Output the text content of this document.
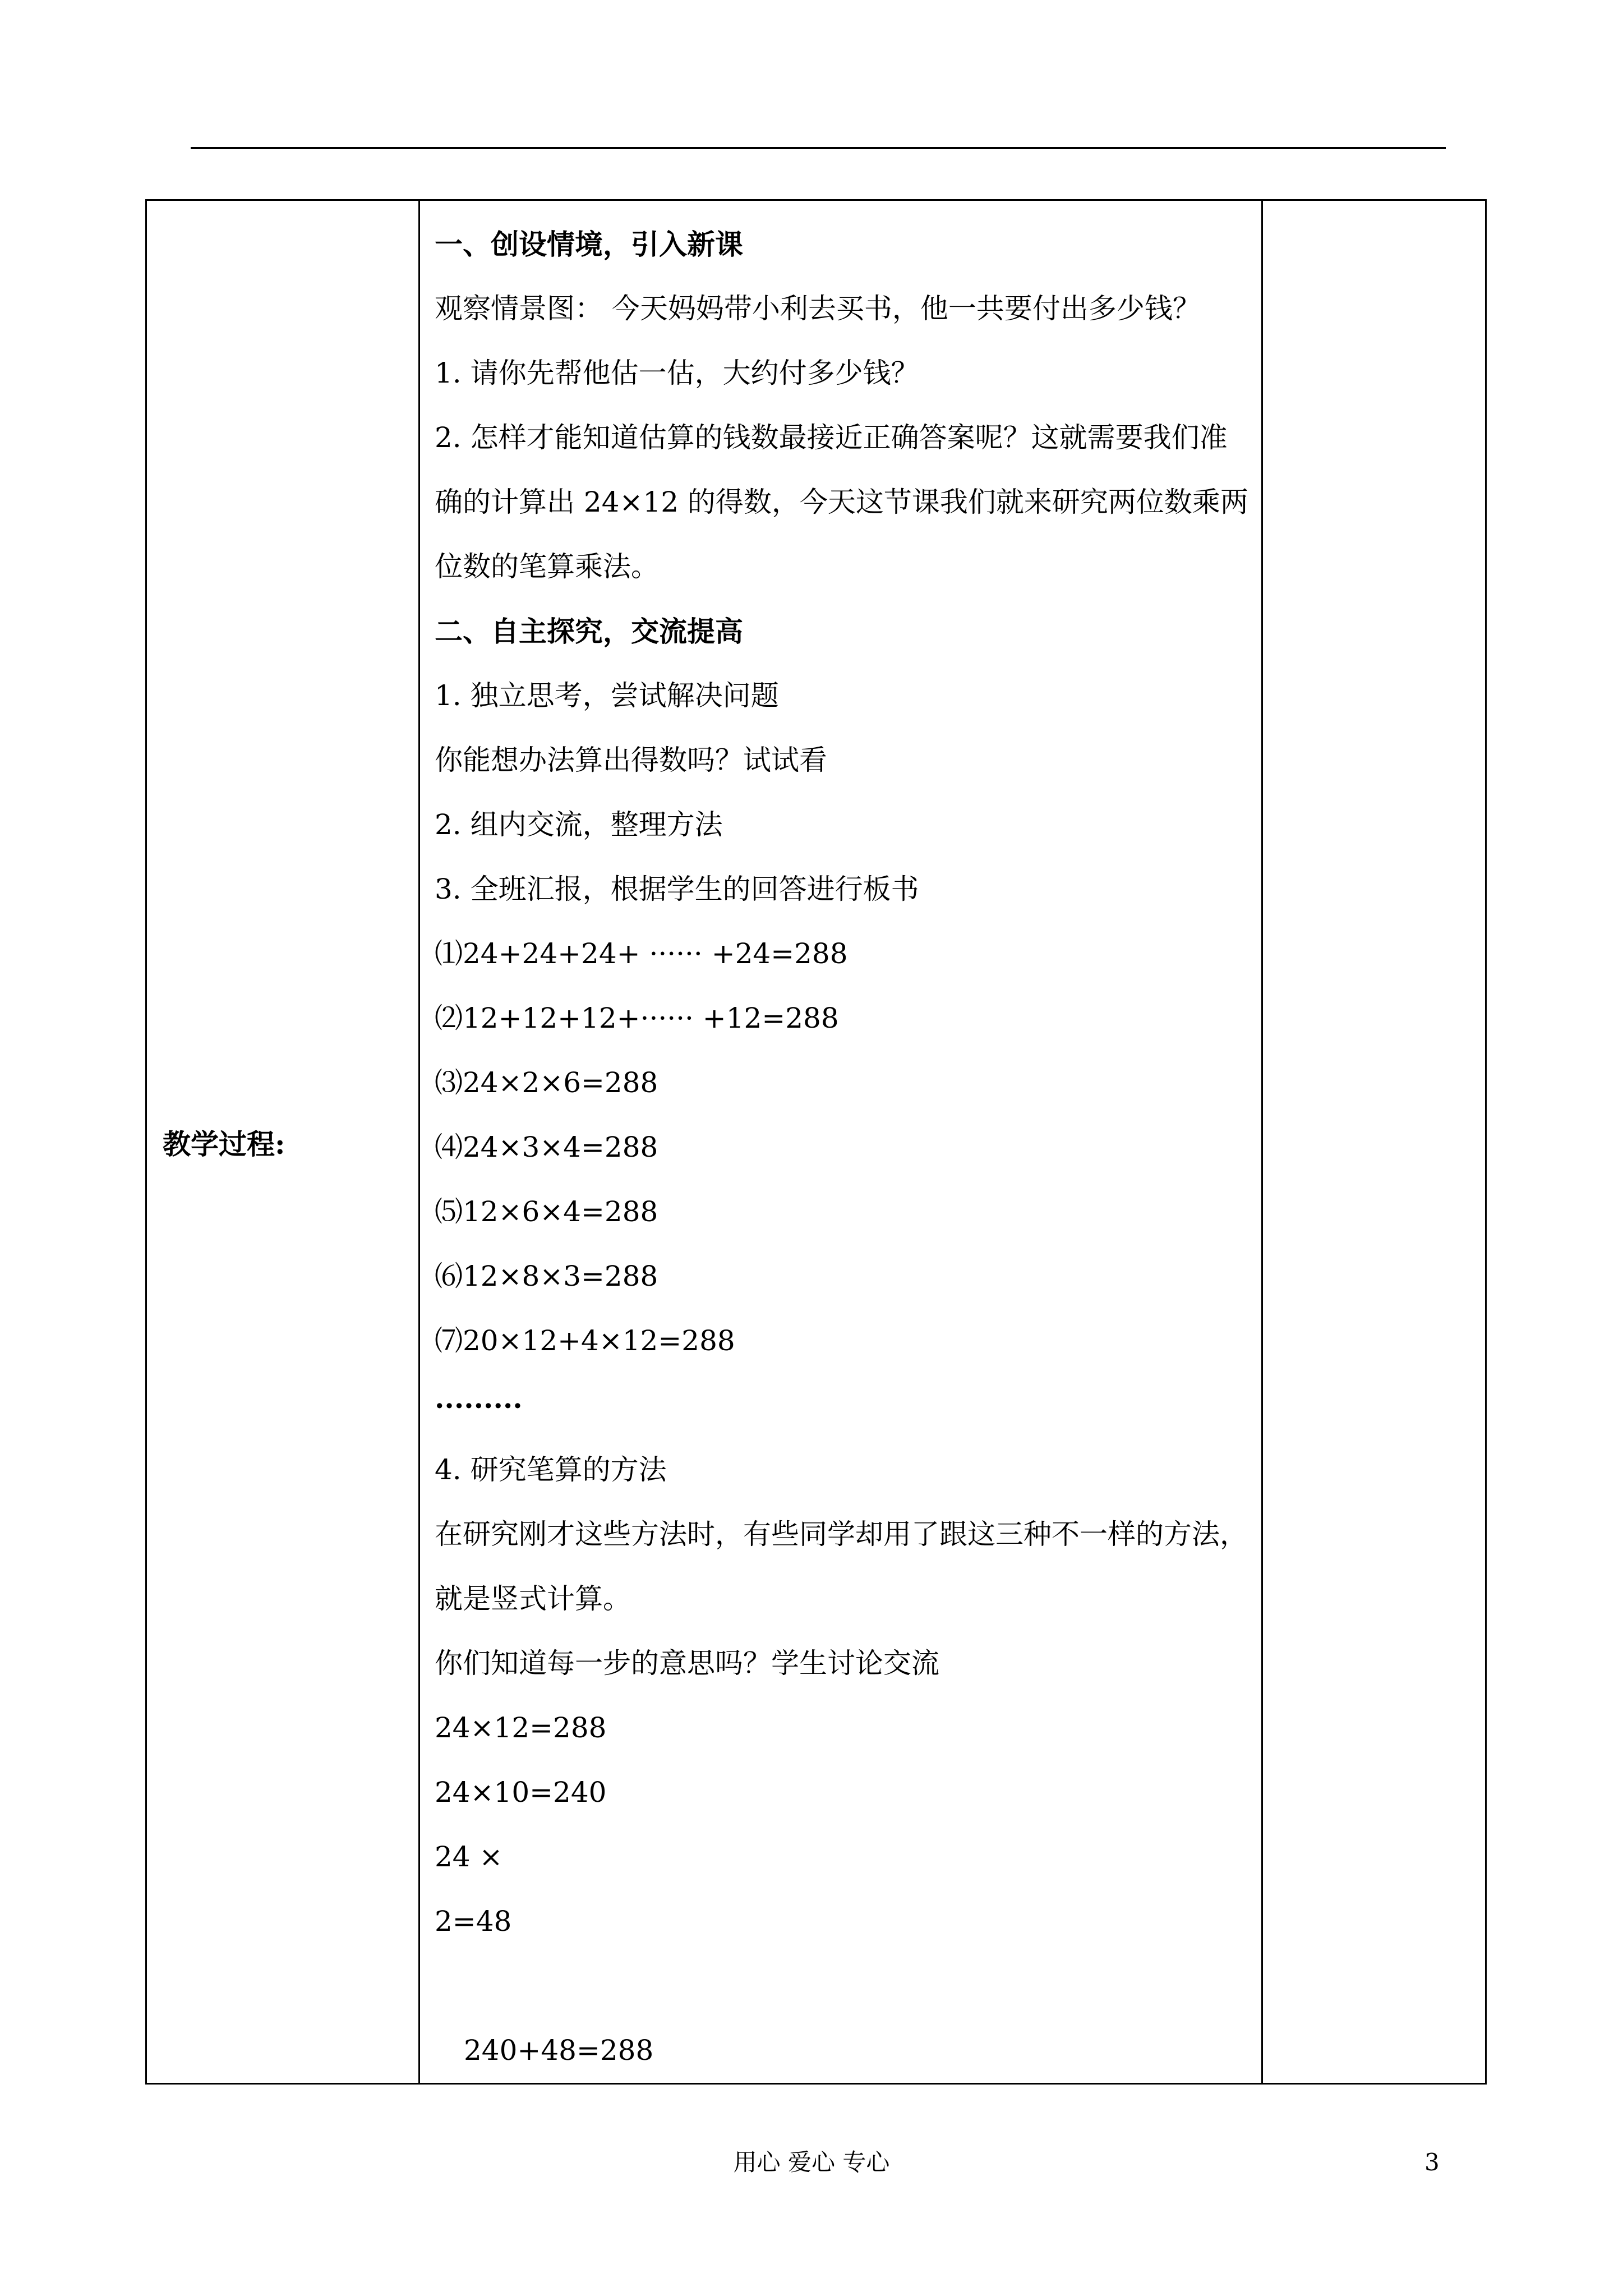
教学过程:

一、创设情境，引入新课
观察情景图： 今天妈妈带小利去买书，他一共要付出多少钱？
1. 请你先帮他估一估，大约付多少钱？
2. 怎样才能知道估算的钱数最接近正确答案呢？这就需要我们准
确的计算出 24×12 的得数，今天这节课我们就来研究两位数乘两
位数的笔算乘法。
二、自主探究，交流提高
1. 独立思考，尝试解决问题
你能想办法算出得数吗？试试看
2. 组内交流，整理方法
3. 全班汇报，根据学生的回答进行板书
⑴24+24+24+ ······ +24=288
⑵12+12+12+······ +12=288
⑶24×2×6=288
⑷24×3×4=288
⑸12×6×4=288
⑹12×8×3=288
⑺20×12+4×12=288
·········
4. 研究笔算的方法
在研究刚才这些方法时，有些同学却用了跟这三种不一样的方法，
就是竖式计算。
你们知道每一步的意思吗？学生讨论交流
24×12=288
24×10=240
24 ×
2=48
240+48=288

用心 爱心 专心	3
